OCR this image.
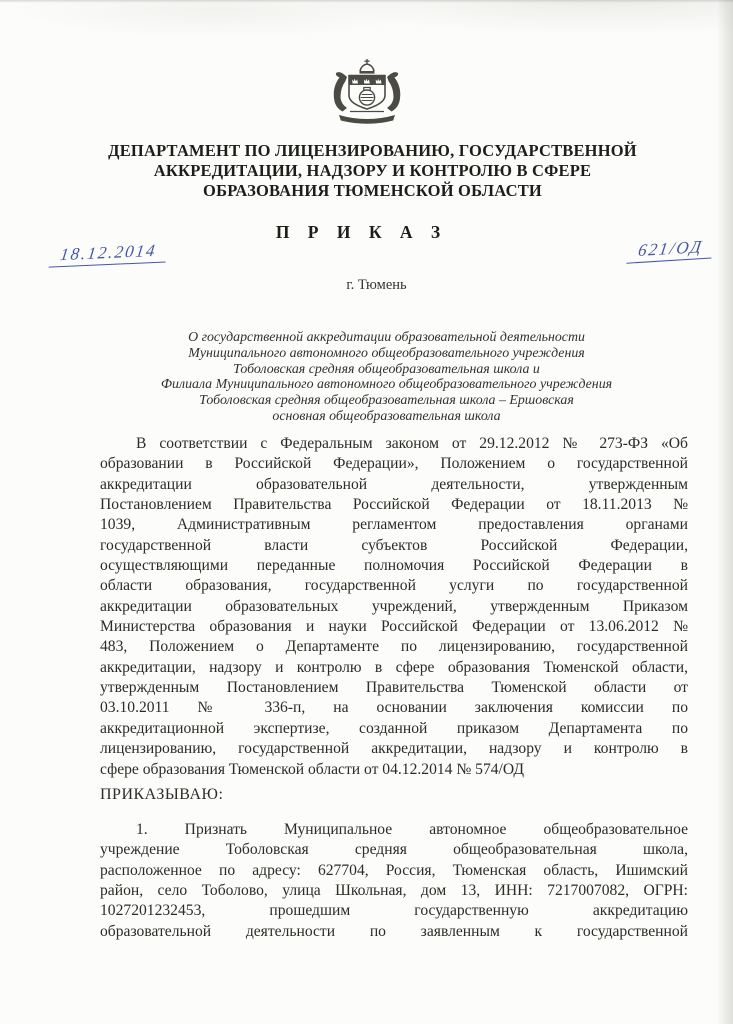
ДЕПАРТАМЕНТ ПО ЛИЦЕНЗИРОВАНИЮ, ГОСУДАРСТВЕННОЙ
АККРЕДИТАЦИИ, НАДЗОРУ И КОНТРОЛЮ В СФЕРЕ
ОБРАЗОВАНИЯ ТЮМЕНСКОЙ ОБЛАСТИ
П Р И К А З
18.12.2014	621/ОД
г. Тюмень
О государственной аккредитации образовательной деятельности
Муниципального автономного общеобразовательного учреждения
Тоболовская средняя общеобразовательная школа и
Филиала Муниципального автономного общеобразовательного учреждения
Тоболовская средняя общеобразовательная школа – Ершовская
основная общеобразовательная школа
В соответствии с Федеральным законом от 29.12.2012 № 273-ФЗ «Об
образовании в Российской Федерации», Положением о государственной
аккредитации образовательной деятельности, утвержденным
Постановлением Правительства Российской Федерации от 18.11.2013 №
1039, Административным регламентом предоставления органами
государственной власти субъектов Российской Федерации,
осуществляющими переданные полномочия Российской Федерации в
области образования, государственной услуги по государственной
аккредитации образовательных учреждений, утвержденным Приказом
Министерства образования и науки Российской Федерации от 13.06.2012 №
483, Положением о Департаменте по лицензированию, государственной
аккредитации, надзору и контролю в сфере образования Тюменской области,
утвержденным Постановлением Правительства Тюменской области от
03.10.2011 № 336-п, на основании заключения комиссии по
аккредитационной экспертизе, созданной приказом Департамента по
лицензированию, государственной аккредитации, надзору и контролю в
сфере образования Тюменской области от 04.12.2014 № 574/ОД
ПРИКАЗЫВАЮ:
1. Признать Муниципальное автономное общеобразовательное
учреждение Тоболовская средняя общеобразовательная школа,
расположенное по адресу: 627704, Россия, Тюменская область, Ишимский
район, село Тоболово, улица Школьная, дом 13, ИНН: 7217007082, ОГРН:
1027201232453, прошедшим государственную аккредитацию
образовательной деятельности по заявленным к государственной
